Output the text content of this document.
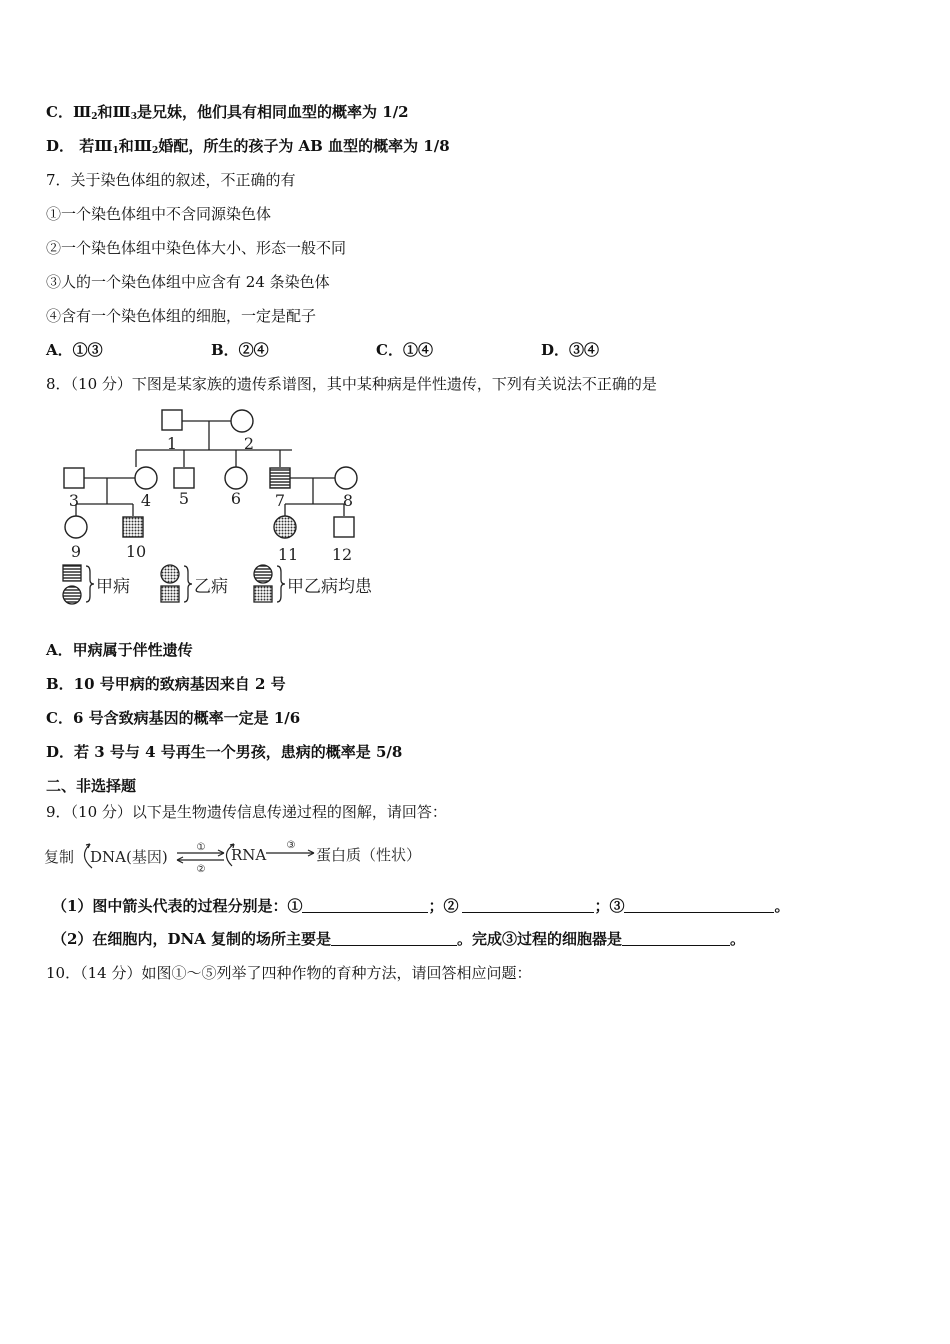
C．$Ⅲ_2$和$Ⅲ_3$是兄妹，他们具有相同血型的概率为 1/2
D． 若$Ⅲ_1$和$Ⅲ_2$婚配，所生的孩子为 AB 血型的概率为 1/8
7．关于染色体组的叙述，不正确的有
①一个染色体组中不含同源染色体
②一个染色体组中染色体大小、形态一般不同
③人的一个染色体组中应含有 24 条染色体
④含有一个染色体组的细胞，一定是配子
A．①③	B．②④	C．①④	D．③④
8．（10 分）下图是某家族的遗传系谱图，其中某种病是伴性遗传，下列有关说法不正确的是
1	2
3	4 5	6 7	8
9	10	11 12
甲病	乙病	甲乙病均患
A．甲病属于伴性遗传
B．10 号甲病的致病基因来自 2 号
C．6 号含致病基因的概率一定是 1/6
D．若 3 号与 4 号再生一个男孩，患病的概率是 5/8
二、非选择题
9．（10 分）以下是生物遗传信息传递过程的图解，请回答：
复制 DNA(基因)	RNA	蛋白质（性状）
①
②
③
（1）图中箭头代表的过程分别是：①	；②	；③	。
（2）在细胞内，DNA 复制的场所主要是	。完成③过程的细胞器是	。
10．（14 分）如图①～⑤列举了四种作物的育种方法，请回答相应问题：
